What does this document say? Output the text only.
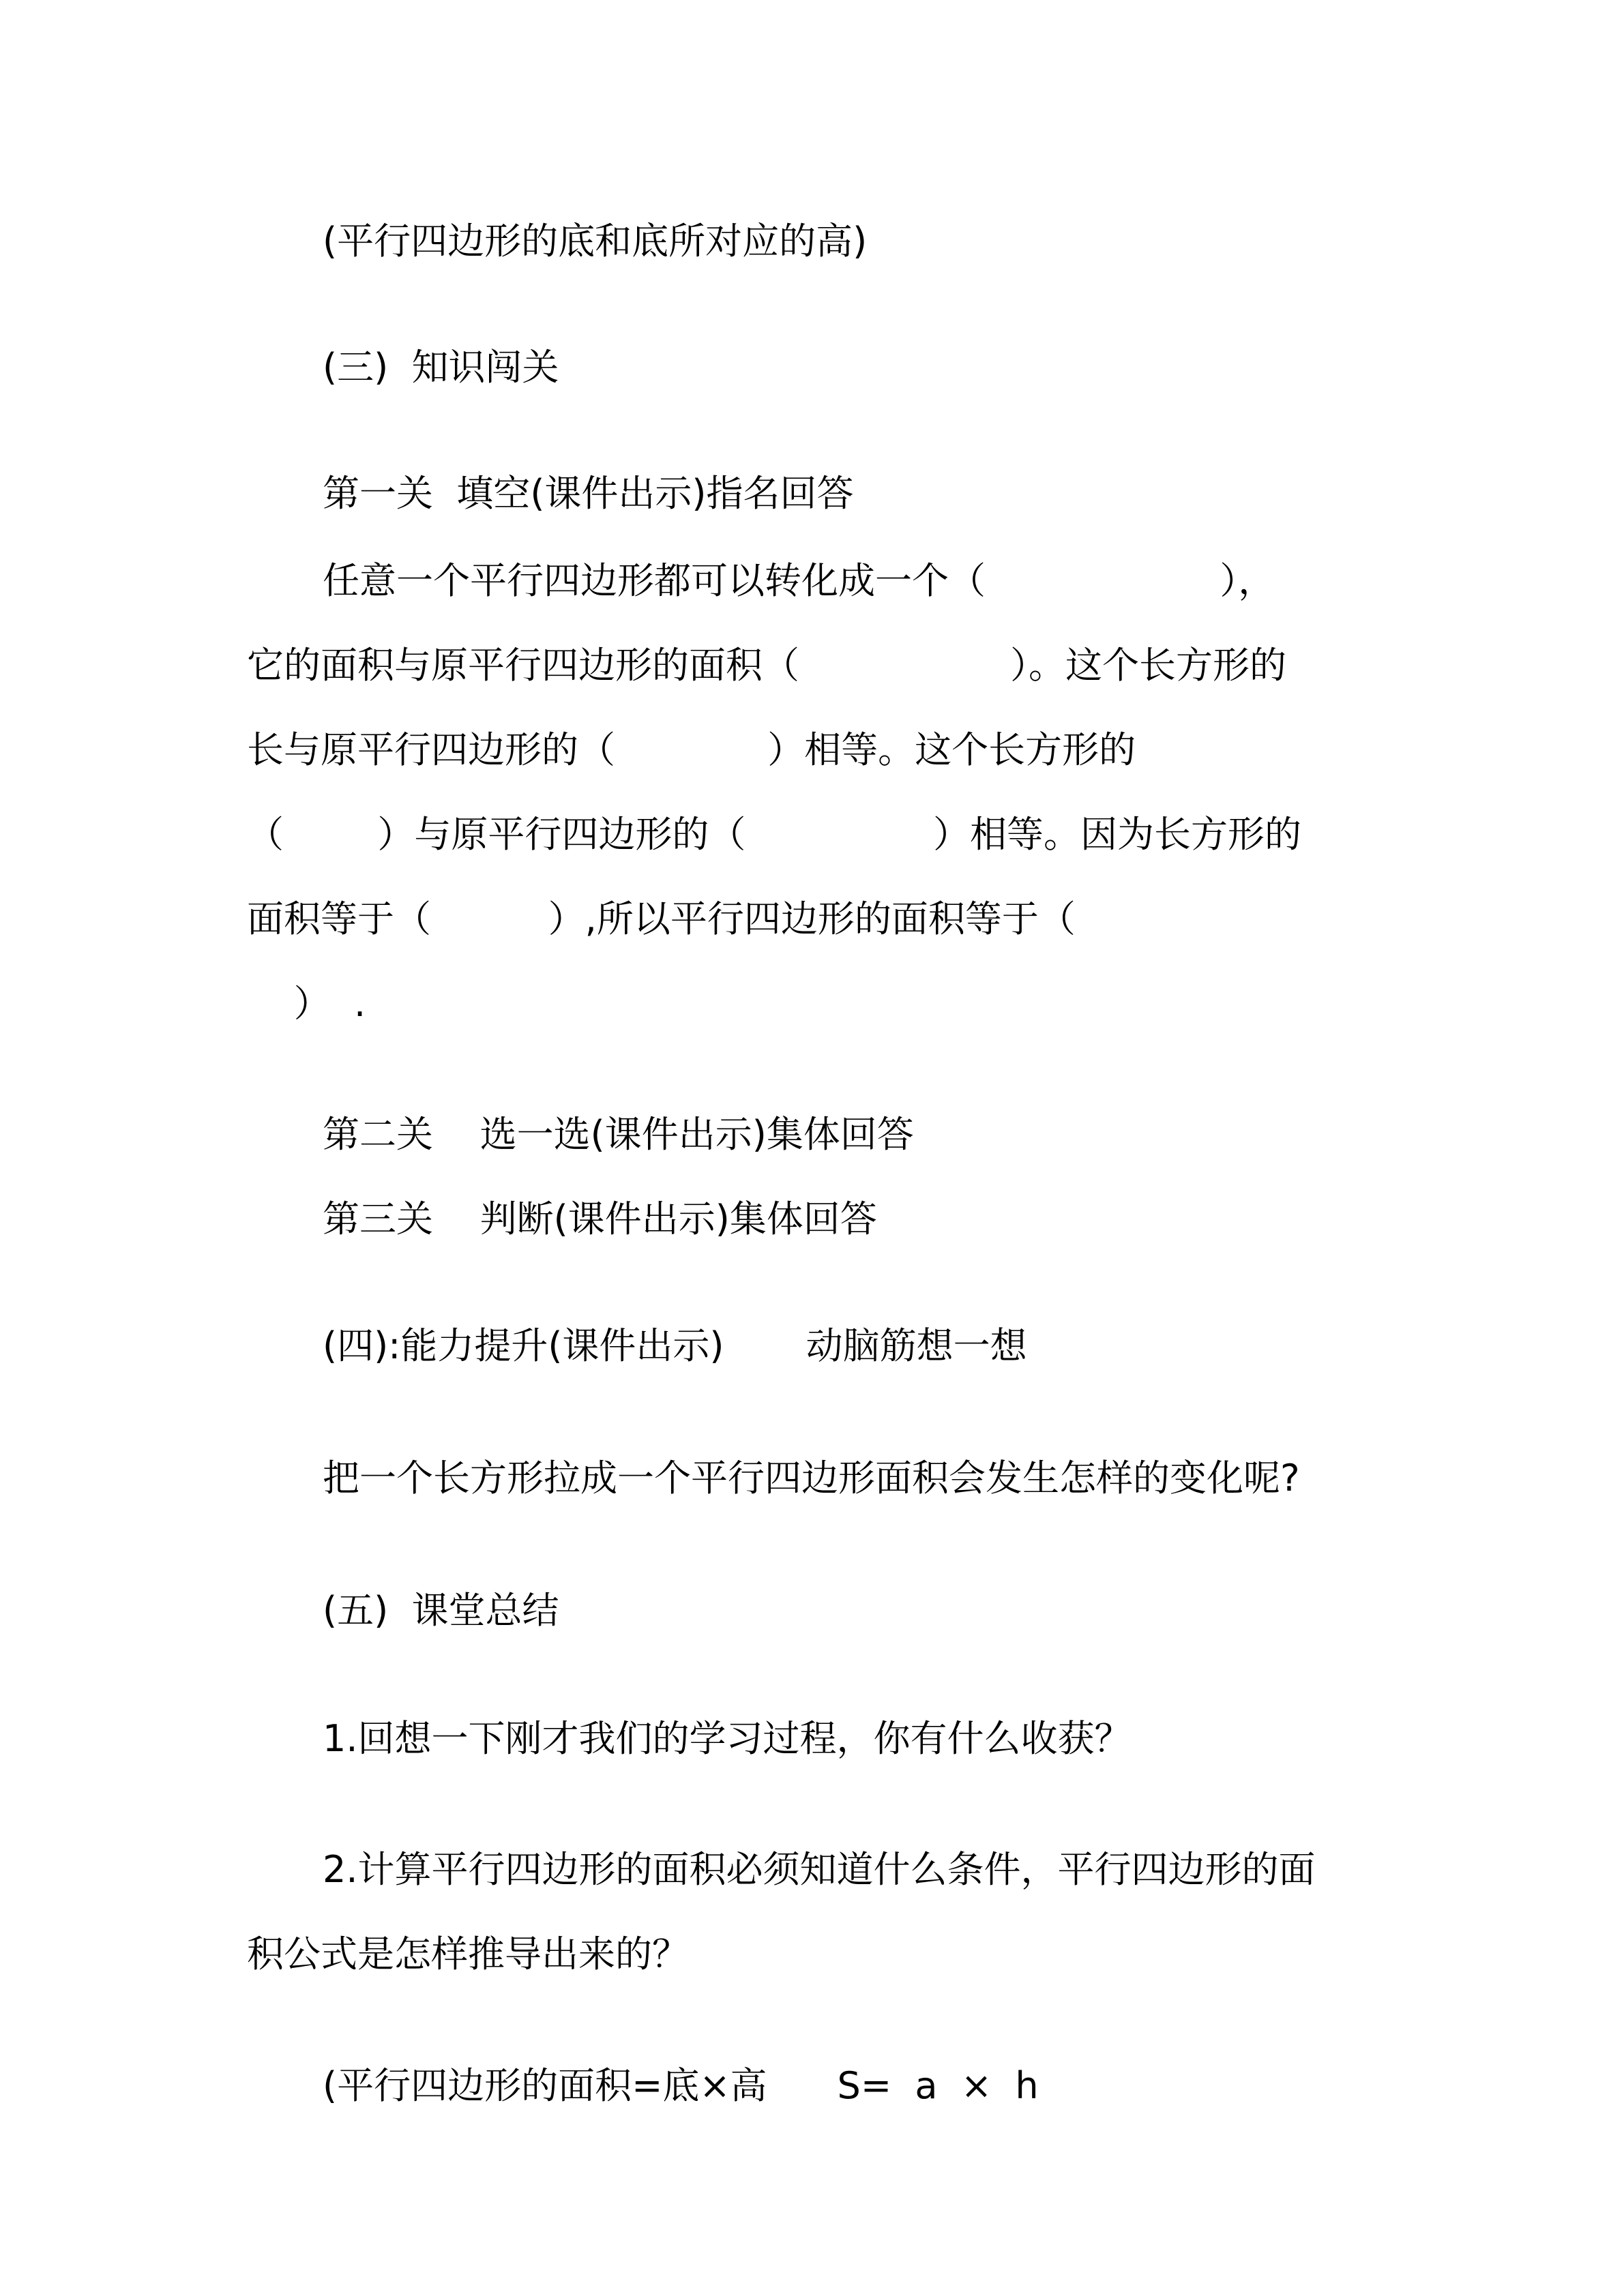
(平行四边形的底和底所对应的高)
(三)  知识闯关
第一关  填空(课件出示)指名回答
任意一个平行四边形都可以转化成一个（                    ），
它的面积与原平行四边形的面积（                  ）。这个长方形的
长与原平行四边形的（             ）相等。这个长方形的
（        ）与原平行四边形的（                ）相等。因为长方形的
面积等于（          ）,所以平行四边形的面积等于（
）  .
第二关    选一选(课件出示)集体回答
第三关    判断(课件出示)集体回答
(四):能力提升(课件出示)       动脑筋想一想
把一个长方形拉成一个平行四边形面积会发生怎样的变化呢?
(五)  课堂总结
1.回想一下刚才我们的学习过程，你有什么收获？
2.计算平行四边形的面积必须知道什么条件，平行四边形的面
积公式是怎样推导出来的？
(平行四边形的面积=底×高      S=  a  ×  h
